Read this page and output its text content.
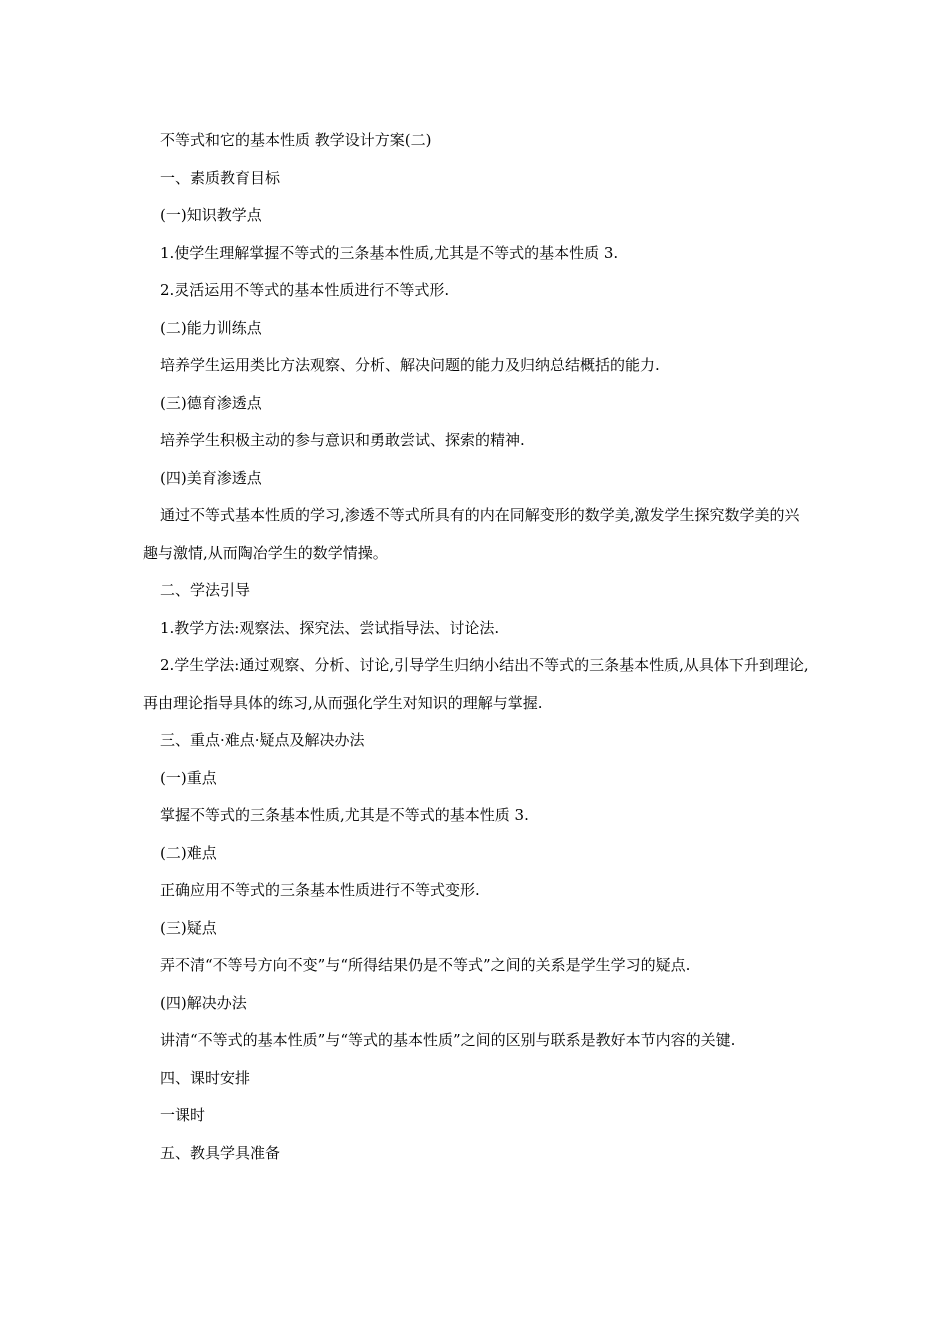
不等式和它的基本性质 教学设计方案(二)

一、素质教育目标

(一)知识教学点

1.使学生理解掌握不等式的三条基本性质,尤其是不等式的基本性质 3.

2.灵活运用不等式的基本性质进行不等式形.

(二)能力训练点

培养学生运用类比方法观察、分析、解决问题的能力及归纳总结概括的能力.

(三)德育渗透点

培养学生积极主动的参与意识和勇敢尝试、探索的精神.

(四)美育渗透点

通过不等式基本性质的学习,渗透不等式所具有的内在同解变形的数学美,激发学生探究数学美的兴趣与激情,从而陶冶学生的数学情操。

二、学法引导

1.教学方法:观察法、探究法、尝试指导法、讨论法.

2.学生学法:通过观察、分析、讨论,引导学生归纳小结出不等式的三条基本性质,从具体下升到理论,再由理论指导具体的练习,从而强化学生对知识的理解与掌握.

三、重点·难点·疑点及解决办法

(一)重点

掌握不等式的三条基本性质,尤其是不等式的基本性质 3.

(二)难点

正确应用不等式的三条基本性质进行不等式变形.

(三)疑点

弄不清“不等号方向不变”与“所得结果仍是不等式”之间的关系是学生学习的疑点.

(四)解决办法

讲清“不等式的基本性质”与“等式的基本性质”之间的区别与联系是教好本节内容的关键.

四、课时安排

一课时

五、教具学具准备
